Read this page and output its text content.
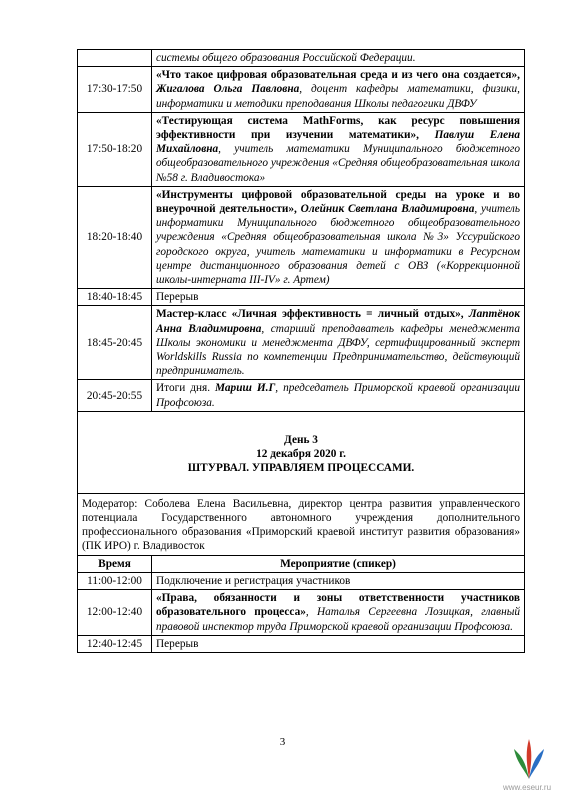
	системы общего образования Российской Федерации.
17:30-17:50	«Что такое цифровая образовательная среда и из чего она создается», Жигалова Ольга Павловна, доцент кафедры математики, физики, информатики и методики преподавания Школы педагогики ДВФУ
17:50-18:20	«Тестирующая система MathForms, как ресурс повышения эффективности при изучении математики», Павлуш Елена Михайловна, учитель математики Муниципального бюджетного общеобразовательного учреждения «Средняя общеобразовательная школа №58 г. Владивостока»
18:20-18:40	«Инструменты цифровой образовательной среды на уроке и во внеурочной деятельности», Олейник Светлана Владимировна, учитель информатики Муниципального бюджетного общеобразовательного учреждения «Средняя общеобразовательная школа №3» Уссурийского городского округа, учитель математики и информатики в Ресурсном центре дистанционного образования детей с ОВЗ («Коррекционной школы-интерната III-IV» г. Артем)
18:40-18:45	Перерыв
18:45-20:45	Мастер-класс «Личная эффективность = личный отдых», Лаптёнок Анна Владимировна, старший преподаватель кафедры менеджмента Школы экономики и менеджмента ДВФУ, сертифицированный эксперт Worldskills Russia по компетенции Предпринимательство, действующий предприниматель.
20:45-20:55	Итоги дня. Мариш И.Г, председатель Приморской краевой организации Профсоюза.

День 3
12 декабря 2020 г.
ШТУРВАЛ. УПРАВЛЯЕМ ПРОЦЕССАМИ.	

Модератор: Соболева Елена Васильевна, директор центра развития управленческого потенциала Государственного автономного учреждения дополнительного профессионального образования «Приморский краевой институт развития образования» (ПК ИРО) г. Владивосток	
Время	Мероприятие (спикер)
11:00-12:00	Подключение и регистрация участников
12:00-12:40	«Права, обязанности и зоны ответственности участников образовательного процесса», Наталья Сергеевна Лозицкая, главный правовой инспектор труда Приморской краевой организации Профсоюза.
12:40-12:45	Перерыв
3
www.eseur.ru
